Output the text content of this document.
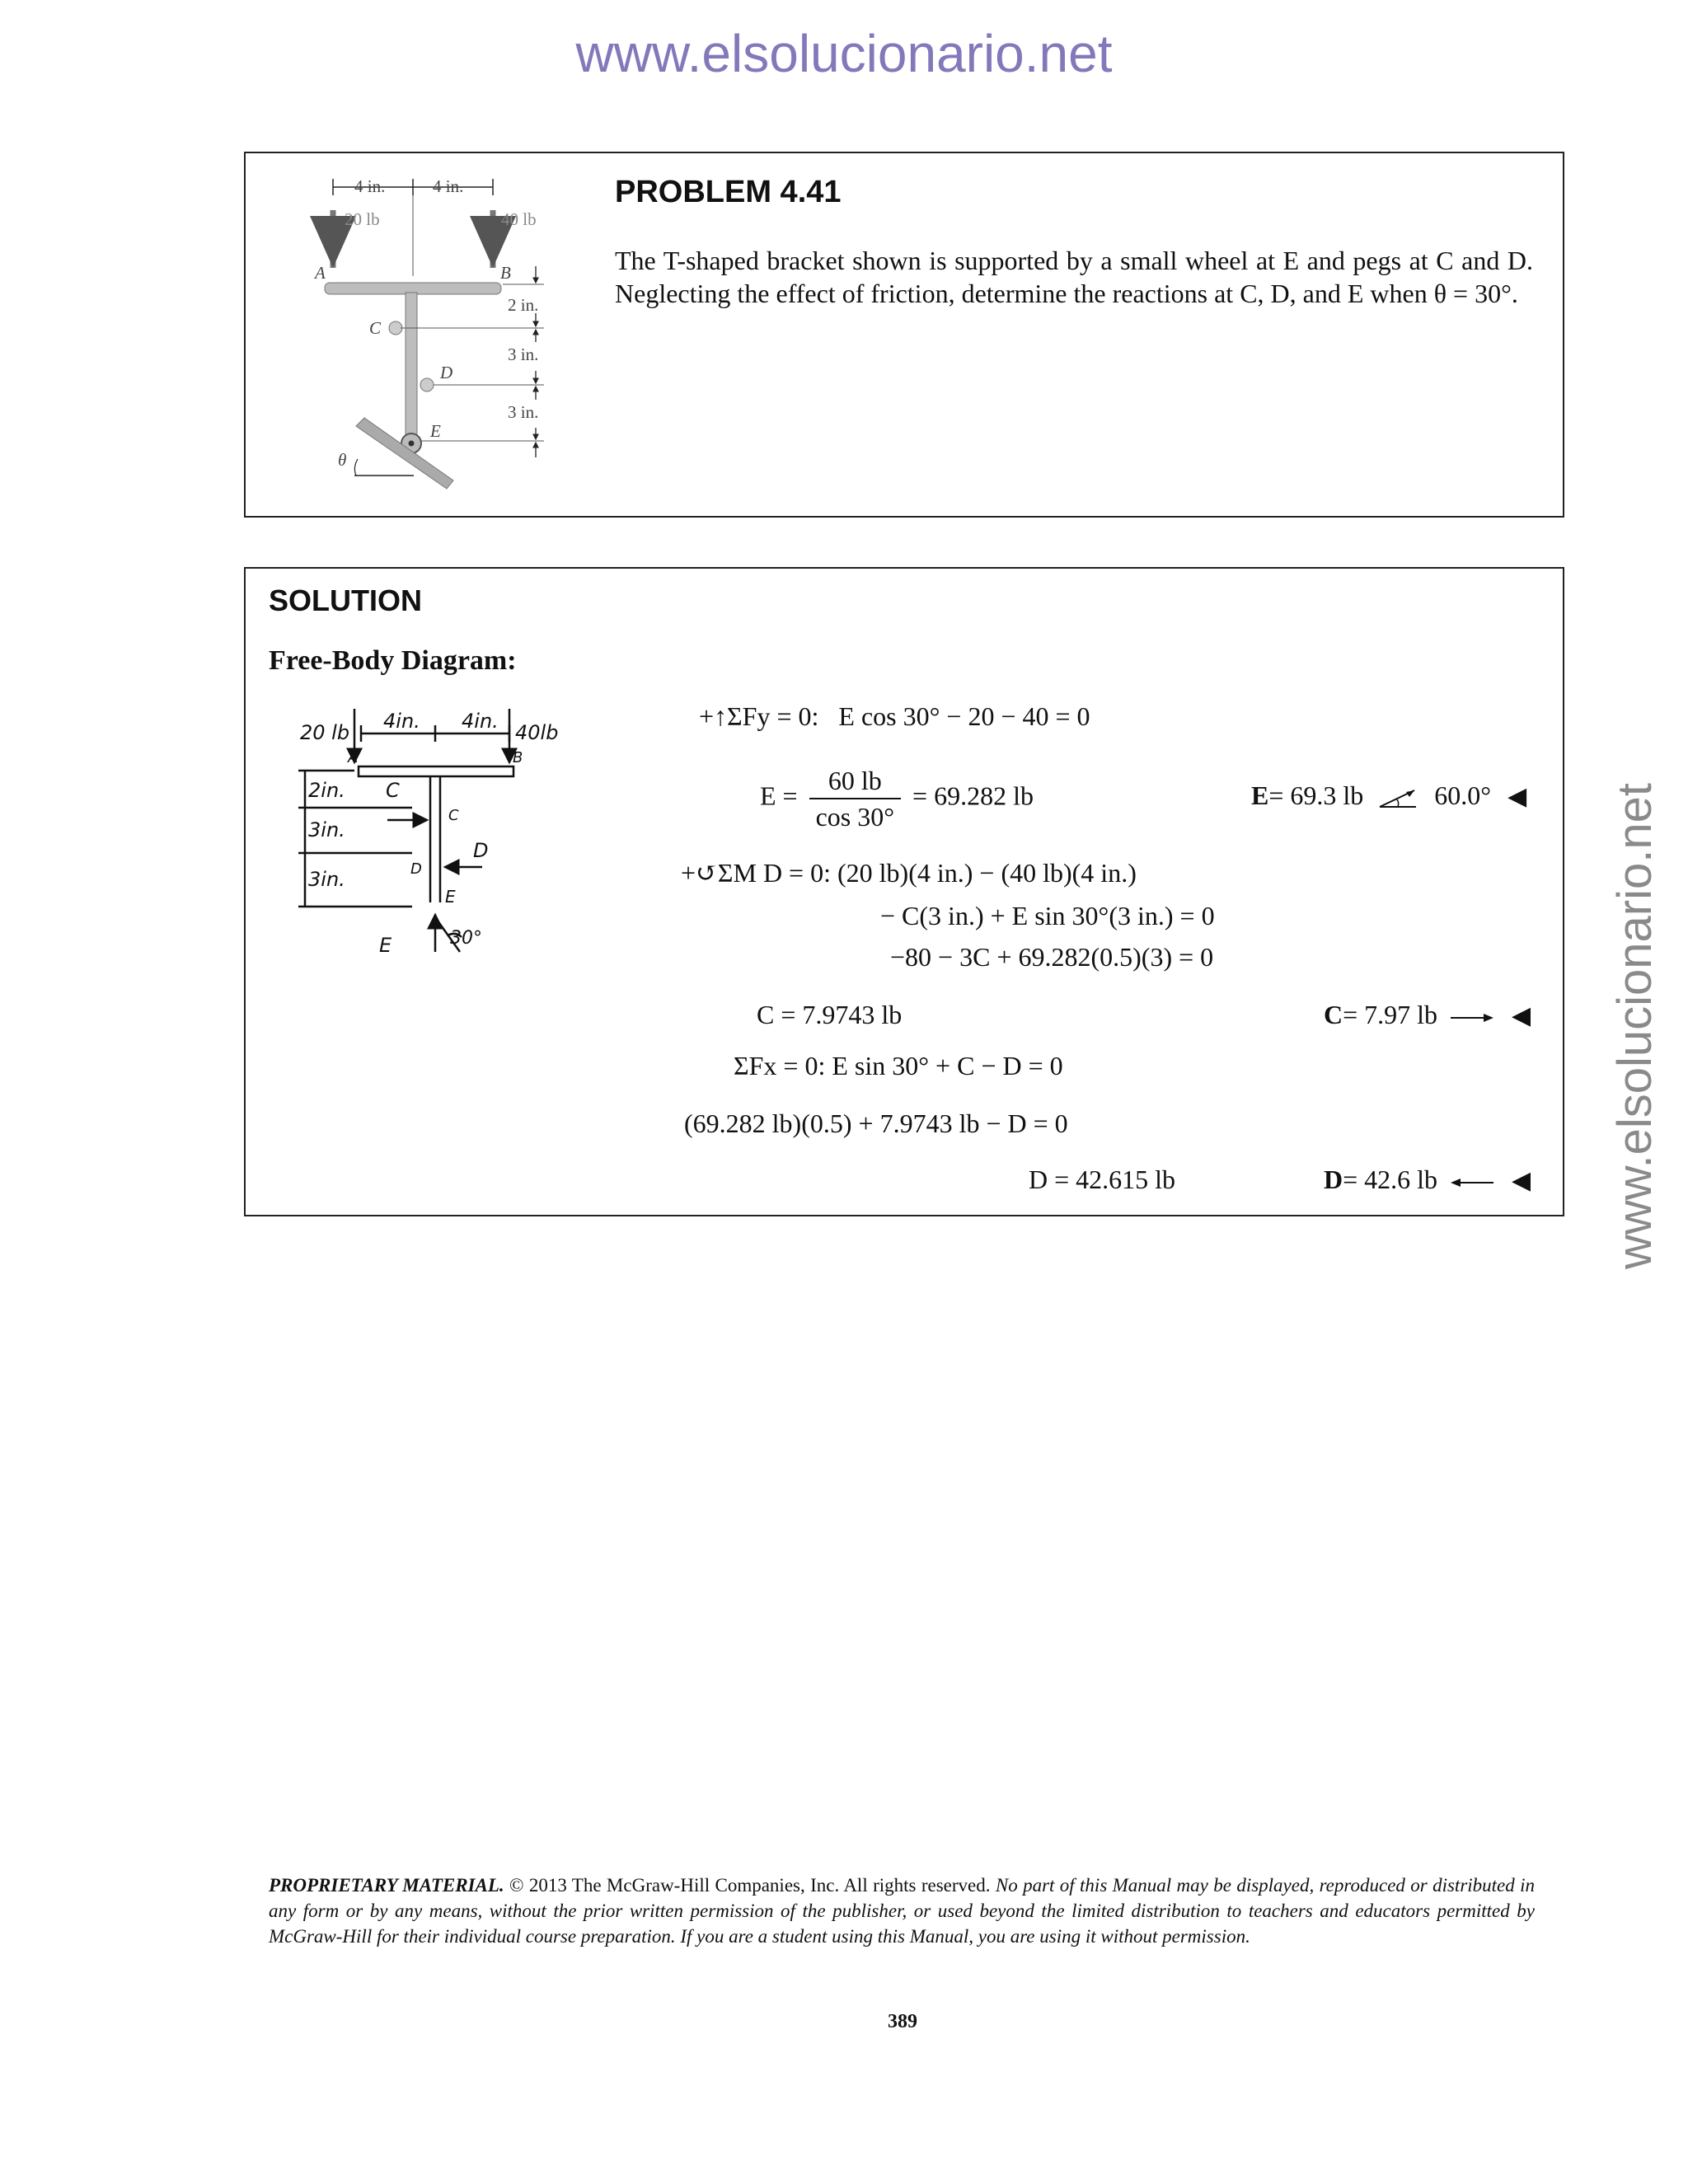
www.elsolucionario.net
www.elsolucionario.net
4 in.	4 in.
20 lb	40 lb
A	B
C
D
E
θ
2 in.
3 in.
3 in.
PROBLEM 4.41
The T-shaped bracket shown is supported by a small wheel at E and pegs at C and D. Neglecting the effect of friction, determine the reactions at C, D, and E when θ = 30°.
SOLUTION
Free-Body Diagram:
20 lb 4in. 4in. 40lb
A	B
2in. C
C
3in.
D
3in.	D
E
E	30°
+↑ΣFy = 0: E cos 30° − 20 − 40 = 0
$E = \frac{60 lb}{\cos 30^\circ} = 69.282$ lb	E= 69.3 lb	60.0° ◀
+↺ΣM D = 0: (20 lb)(4 in.) − (40 lb)(4 in.)
− C(3 in.) + E sin 30°(3 in.) = 0
−80 − 3C + 69.282(0.5)(3) = 0
C = 7.9743 lb	C= 7.97 lb	◀
ΣFx = 0: E sin 30° + C − D = 0
(69.282 lb)(0.5) + 7.9743 lb − D = 0
D = 42.615 lb	D= 42.6 lb	◀
PROPRIETARY MATERIAL. © 2013 The McGraw-Hill Companies, Inc. All rights reserved. No part of this Manual may be displayed, reproduced or distributed in any form or by any means, without the prior written permission of the publisher, or used beyond the limited distribution to teachers and educators permitted by McGraw-Hill for their individual course preparation. If you are a student using this Manual, you are using it without permission.
389
